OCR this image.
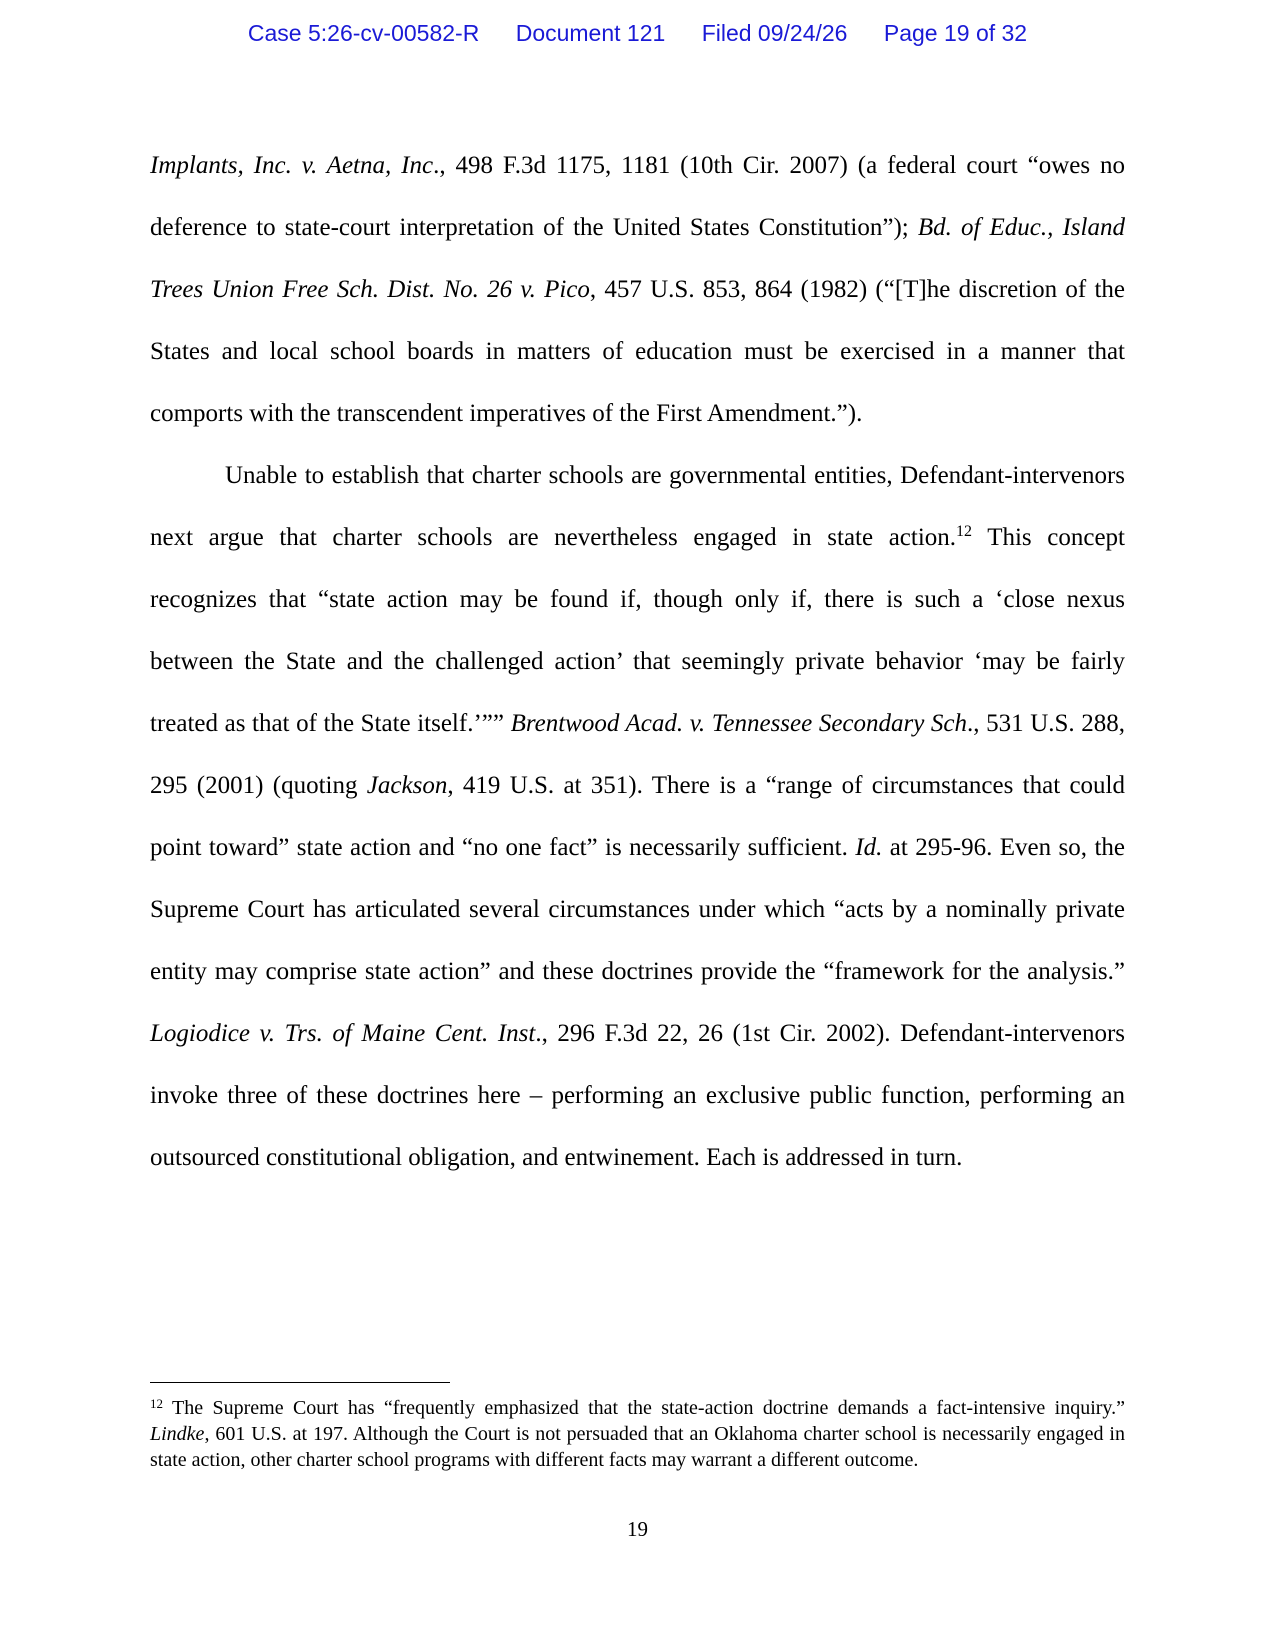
Case 5:26-cv-00582-R Document 121 Filed 09/24/26 Page 19 of 32

Implants, Inc. v. Aetna, Inc., 498 F.3d 1175, 1181 (10th Cir. 2007) (a federal court “owes no deference to state-court interpretation of the United States Constitution”); Bd. of Educ., Island Trees Union Free Sch. Dist. No. 26 v. Pico, 457 U.S. 853, 864 (1982) (“[T]he discretion of the States and local school boards in matters of education must be exercised in a manner that comports with the transcendent imperatives of the First Amendment.”).

Unable to establish that charter schools are governmental entities, Defendant-intervenors next argue that charter schools are nevertheless engaged in state action.$^{12}$ This concept recognizes that “state action may be found if, though only if, there is such a ‘close nexus between the State and the challenged action’ that seemingly private behavior ‘may be fairly treated as that of the State itself.’”” Brentwood Acad. v. Tennessee Secondary Sch., 531 U.S. 288, 295 (2001) (quoting Jackson, 419 U.S. at 351). There is a “range of circumstances that could point toward” state action and “no one fact” is necessarily sufficient. Id. at 295-96. Even so, the Supreme Court has articulated several circumstances under which “acts by a nominally private entity may comprise state action” and these doctrines provide the “framework for the analysis.” Logiodice v. Trs. of Maine Cent. Inst., 296 F.3d 22, 26 (1st Cir. 2002). Defendant-intervenors invoke three of these doctrines here – performing an exclusive public function, performing an outsourced constitutional obligation, and entwinement. Each is addressed in turn.

$^{12}$ The Supreme Court has “frequently emphasized that the state-action doctrine demands a fact-intensive inquiry.” Lindke, 601 U.S. at 197. Although the Court is not persuaded that an Oklahoma charter school is necessarily engaged in state action, other charter school programs with different facts may warrant a different outcome.
19
